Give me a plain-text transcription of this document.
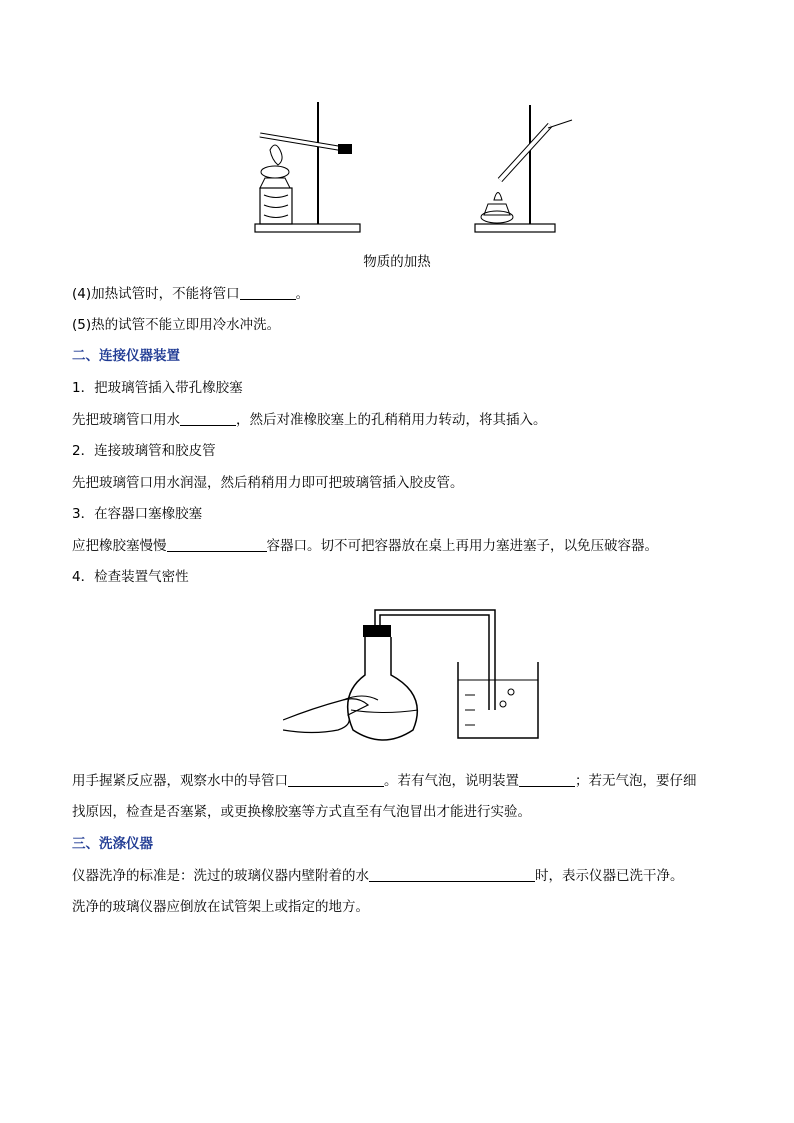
物质的加热
(4)加热试管时，不能将管口	。
(5)热的试管不能立即用冷水冲洗。
二、连接仪器装置
1．把玻璃管插入带孔橡胶塞
先把玻璃管口用水	，然后对准橡胶塞上的孔稍稍用力转动，将其插入。
2．连接玻璃管和胶皮管
先把玻璃管口用水润湿，然后稍稍用力即可把玻璃管插入胶皮管。
3．在容器口塞橡胶塞
应把橡胶塞慢慢	容器口。切不可把容器放在桌上再用力塞进塞子，以免压破容器。
4．检查装置气密性
用手握紧反应器，观察水中的导管口	。若有气泡，说明装置	；若无气泡，要仔细
找原因，检查是否塞紧，或更换橡胶塞等方式直至有气泡冒出才能进行实验。
三、洗涤仪器
仪器洗净的标准是：洗过的玻璃仪器内壁附着的水	时，表示仪器已洗干净。
洗净的玻璃仪器应倒放在试管架上或指定的地方。
